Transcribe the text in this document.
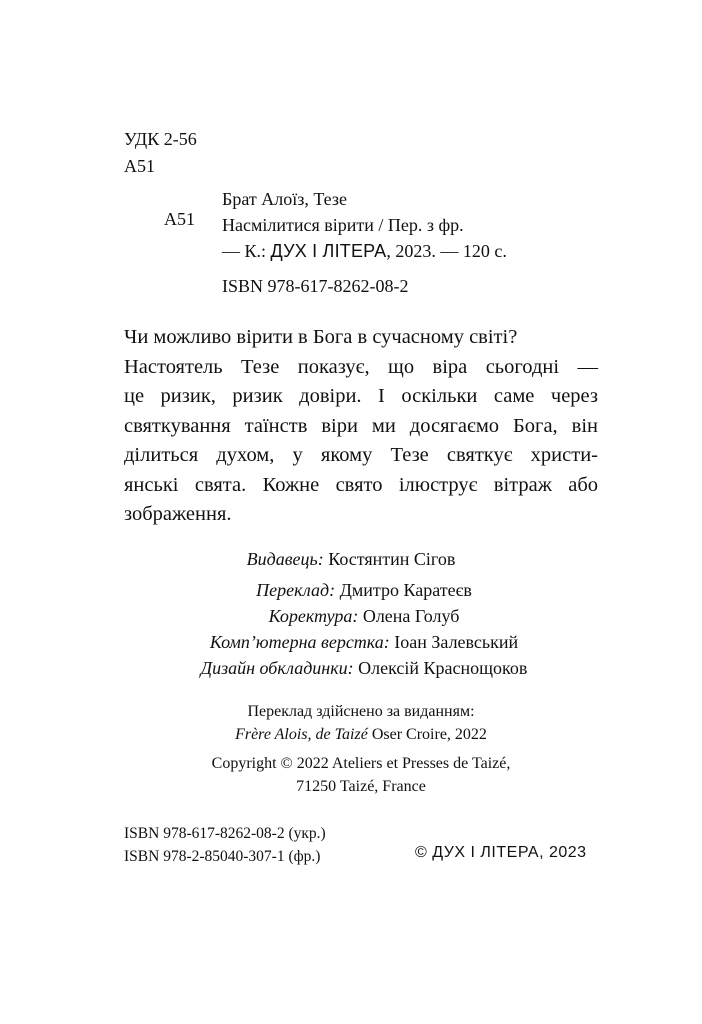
УДК 2-56
А51
А51
Брат Алоїз, Тезе
Насмілитися вірити / Пер. з фр.
— К.: ДУХ І ЛІТЕРА, 2023. — 120 с.
ISBN 978-617-8262-08-2
Чи можливо вірити в Бога в сучасному світі?
Настоятель Тезе показує, що віра сьогодні —
це ризик, ризик довіри. І оскільки саме через
святкування таїнств віри ми досягаємо Бога, він
ділиться духом, у якому Тезе святкує христи-
янські свята. Кожне свято ілюструє вітраж або
зображення.
Видавець: Костянтин Сігов
Переклад: Дмитро Каратеєв
Коректура: Олена Голуб
Комп’ютерна верстка: Іоан Залевський
Дизайн обкладинки: Олексій Краснощоков
Переклад здійснено за виданням:
Frère Alois, de Taizé Oser Croire, 2022
Copyright © 2022 Ateliers et Presses de Taizé,
71250 Taizé, France
ISBN 978-617-8262-08-2 (укр.)
ISBN 978-2-85040-307-1 (фр.)	© ДУХ І ЛІТЕРА, 2023
